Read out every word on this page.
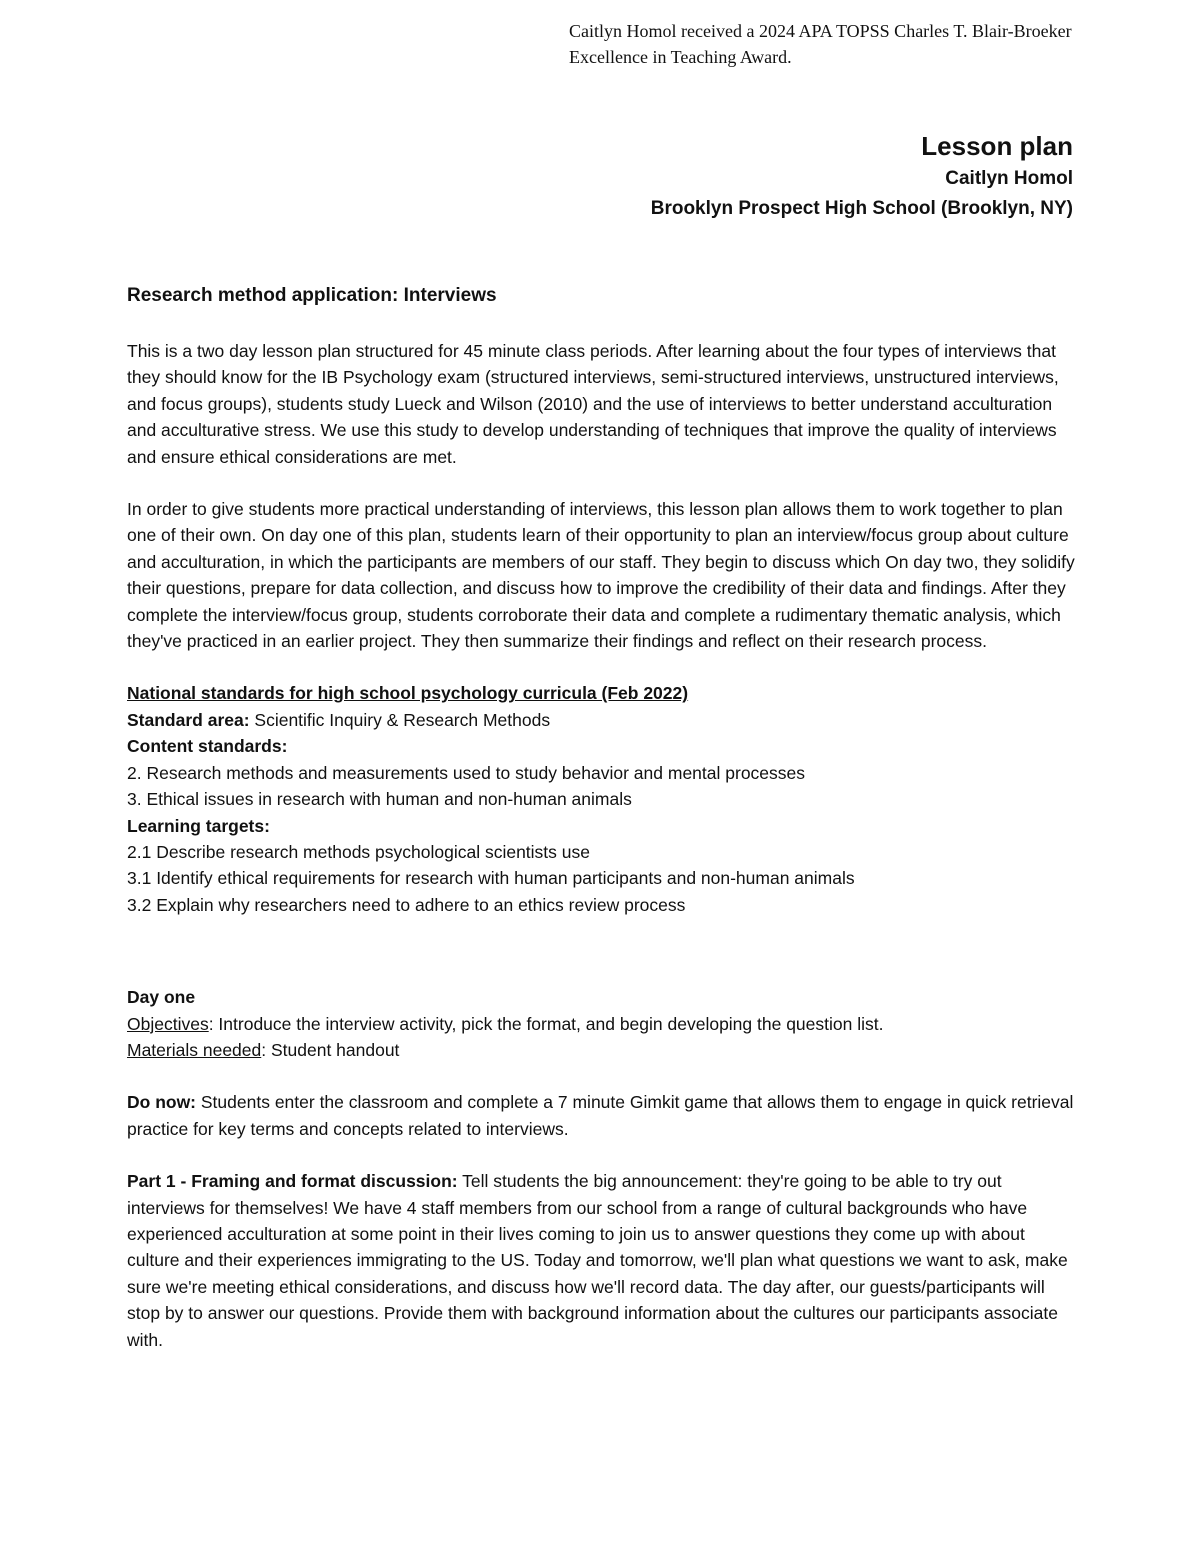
Caitlyn Homol received a 2024 APA TOPSS Charles T. Blair-Broeker Excellence in Teaching Award.

Lesson plan

Caitlyn Homol

Brooklyn Prospect High School (Brooklyn, NY)

Research method application: Interviews

This is a two day lesson plan structured for 45 minute class periods. After learning about the four types of interviews that they should know for the IB Psychology exam (structured interviews, semi-structured interviews, unstructured interviews, and focus groups), students study Lueck and Wilson (2010) and the use of interviews to better understand acculturation and acculturative stress. We use this study to develop understanding of techniques that improve the quality of interviews and ensure ethical considerations are met.

In order to give students more practical understanding of interviews, this lesson plan allows them to work together to plan one of their own. On day one of this plan, students learn of their opportunity to plan an interview/focus group about culture and acculturation, in which the participants are members of our staff. They begin to discuss which On day two, they solidify their questions, prepare for data collection, and discuss how to improve the credibility of their data and findings. After they complete the interview/focus group, students corroborate their data and complete a rudimentary thematic analysis, which they've practiced in an earlier project. They then summarize their findings and reflect on their research process.

National standards for high school psychology curricula (Feb 2022)

Standard area: Scientific Inquiry & Research Methods

Content standards:

2. Research methods and measurements used to study behavior and mental processes

3. Ethical issues in research with human and non-human animals

Learning targets:

2.1 Describe research methods psychological scientists use

3.1 Identify ethical requirements for research with human participants and non-human animals

3.2 Explain why researchers need to adhere to an ethics review process

Day one

Objectives: Introduce the interview activity, pick the format, and begin developing the question list.

Materials needed: Student handout

Do now: Students enter the classroom and complete a 7 minute Gimkit game that allows them to engage in quick retrieval practice for key terms and concepts related to interviews.

Part 1 - Framing and format discussion: Tell students the big announcement: they're going to be able to try out interviews for themselves! We have 4 staff members from our school from a range of cultural backgrounds who have experienced acculturation at some point in their lives coming to join us to answer questions they come up with about culture and their experiences immigrating to the US. Today and tomorrow, we'll plan what questions we want to ask, make sure we're meeting ethical considerations, and discuss how we'll record data. The day after, our guests/participants will stop by to answer our questions. Provide them with background information about the cultures our participants associate with.
